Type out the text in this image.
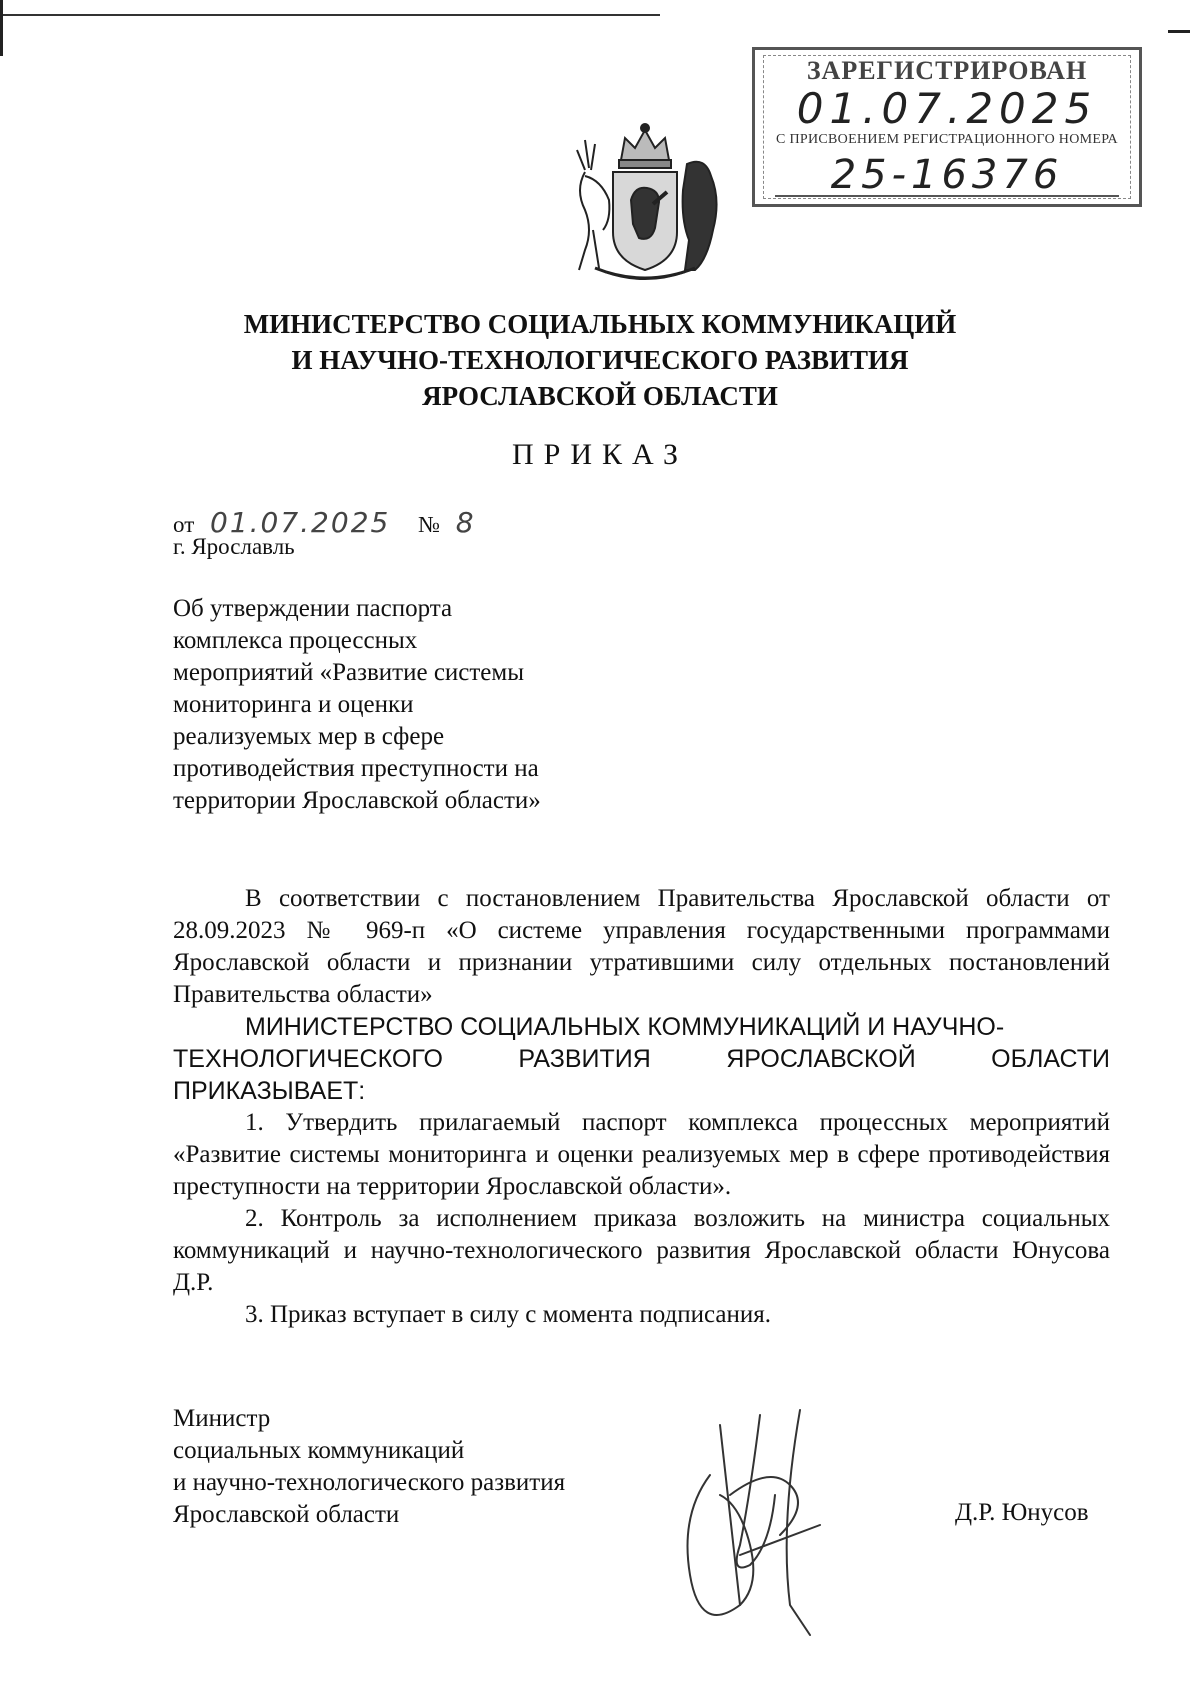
ЗАРЕГИСТРИРОВАН
01.07.2025
С ПРИСВОЕНИЕМ РЕГИСТРАЦИОННОГО НОМЕРА
25-16376
МИНИСТЕРСТВО СОЦИАЛЬНЫХ КОММУНИКАЦИЙ
И НАУЧНО-ТЕХНОЛОГИЧЕСКОГО РАЗВИТИЯ
ЯРОСЛАВСКОЙ ОБЛАСТИ
ПРИКАЗ
от 01.07.2025 № 8
г. Ярославль
Об утверждении паспорта
комплекса процессных
мероприятий «Развитие системы
мониторинга и оценки
реализуемых мер в сфере
противодействия преступности на
территории Ярославской области»

В соответствии с постановлением Правительства Ярославской области от 28.09.2023 № 969-п «О системе управления государственными программами Ярославской области и признании утратившими силу отдельных постановлений Правительства области»

МИНИСТЕРСТВО СОЦИАЛЬНЫХ КОММУНИКАЦИЙ И НАУЧНО-
ТЕХНОЛОГИЧЕСКОГО	РАЗВИТИЯ	ЯРОСЛАВСКОЙ	ОБЛАСТИ
ПРИКАЗЫВАЕТ:

1. Утвердить прилагаемый паспорт комплекса процессных мероприятий «Развитие системы мониторинга и оценки реализуемых мер в сфере противодействия преступности на территории Ярославской области».

2. Контроль за исполнением приказа возложить на министра социальных коммуникаций и научно-технологического развития Ярославской области Юнусова Д.Р.

3. Приказ вступает в силу с момента подписания.

Министр
социальных коммуникаций
и научно-технологического развития
Ярославской области	Д.Р. Юнусов
